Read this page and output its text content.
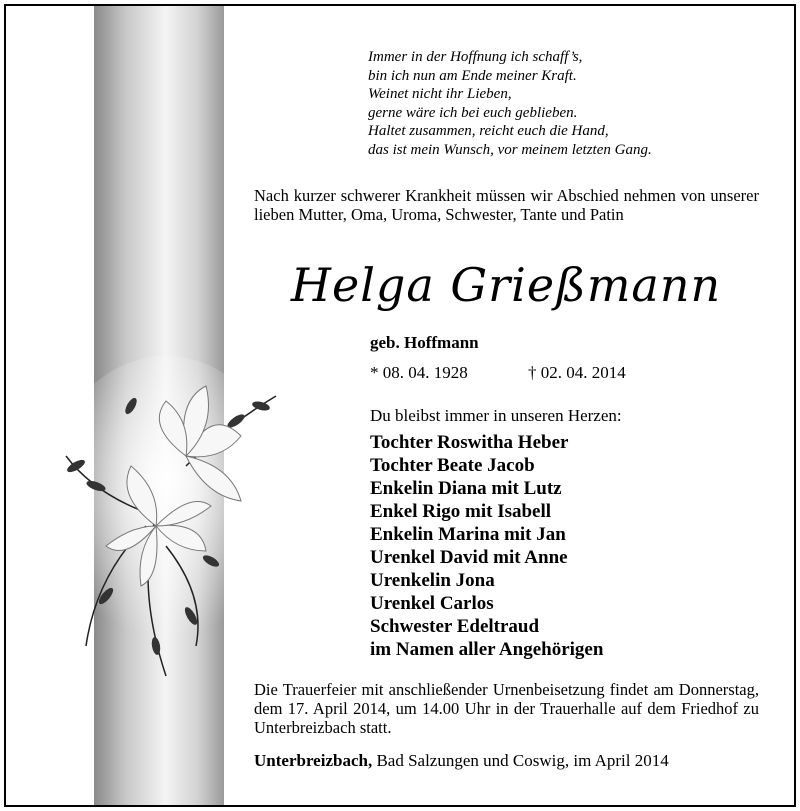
Immer in der Hoffnung ich schaff’s,
bin ich nun am Ende meiner Kraft.
Weinet nicht ihr Lieben,
gerne wäre ich bei euch geblieben.
Haltet zusammen, reicht euch die Hand,
das ist mein Wunsch, vor meinem letzten Gang.
Nach kurzer schwerer Krankheit müssen wir Abschied nehmen von unserer lieben Mutter, Oma, Uroma, Schwester, Tante und Patin
Helga Grießmann
geb. Hoffmann
* 08. 04. 1928	† 02. 04. 2014
Du bleibst immer in unseren Herzen:
Tochter Roswitha Heber
Tochter Beate Jacob
Enkelin Diana mit Lutz
Enkel Rigo mit Isabell
Enkelin Marina mit Jan
Urenkel David mit Anne
Urenkelin Jona
Urenkel Carlos
Schwester Edeltraud
im Namen aller Angehörigen
Die Trauerfeier mit anschließender Urnenbeisetzung findet am Donnerstag, dem 17. April 2014, um 14.00 Uhr in der Trauerhalle auf dem Friedhof zu Unterbreizbach statt.
Unterbreizbach, Bad Salzungen und Coswig, im April 2014
